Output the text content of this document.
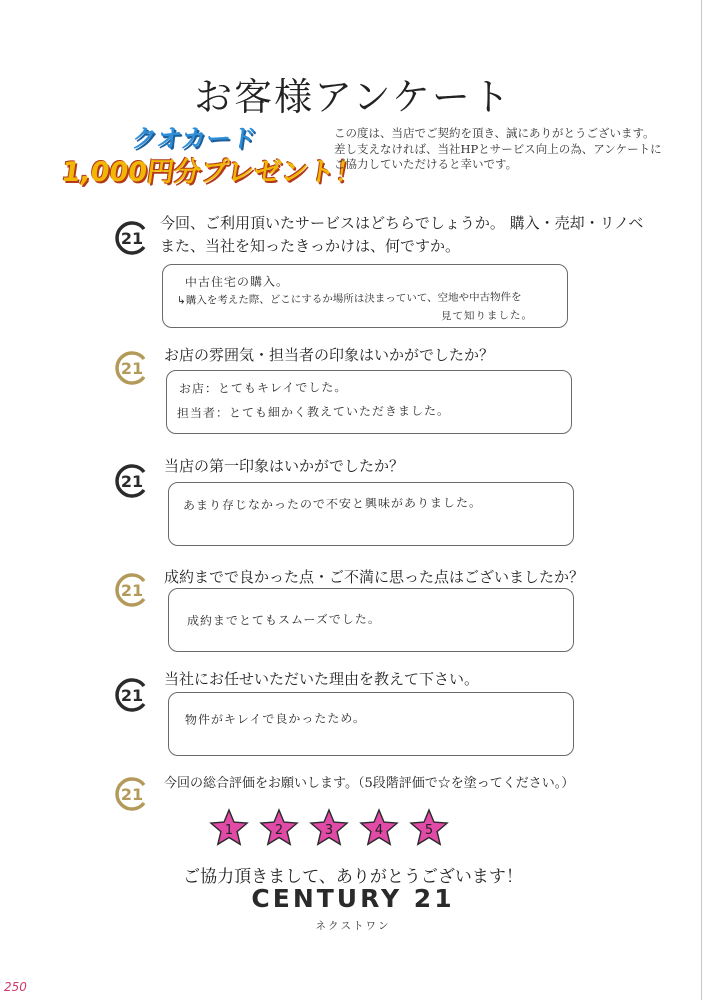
お客様アンケート
クオカード
1,000円分プレゼント！
この度は、当店でご契約を頂き、誠にありがとうございます。
差し支えなければ、当社HPとサービス向上の為、アンケートに
ご協力していただけると幸いです。
21
今回、ご利用頂いたサービスはどちらでしょうか。 購入・売却・リノベ
また、当社を知ったきっかけは、何ですか。
中古住宅の購入。
↳購入を考えた際、どこにするか場所は決まっていて、空地や中古物件を
見て知りました。
21
お店の雰囲気・担当者の印象はいかがでしたか？
お店：とてもキレイでした。
担当者：とても細かく教えていただきました。
21
当店の第一印象はいかがでしたか？
あまり存じなかったので不安と興味がありました。
21
成約までで良かった点・ご不満に思った点はございましたか？
成約までとてもスムーズでした。
21
当社にお任せいただいた理由を教えて下さい。
物件がキレイで良かったため。
21
今回の総合評価をお願いします。（5段階評価で☆を塗ってください。）
1	2	3	4	5
ご協力頂きまして、ありがとうございます！
CENTURY 21
ネクストワン
250
